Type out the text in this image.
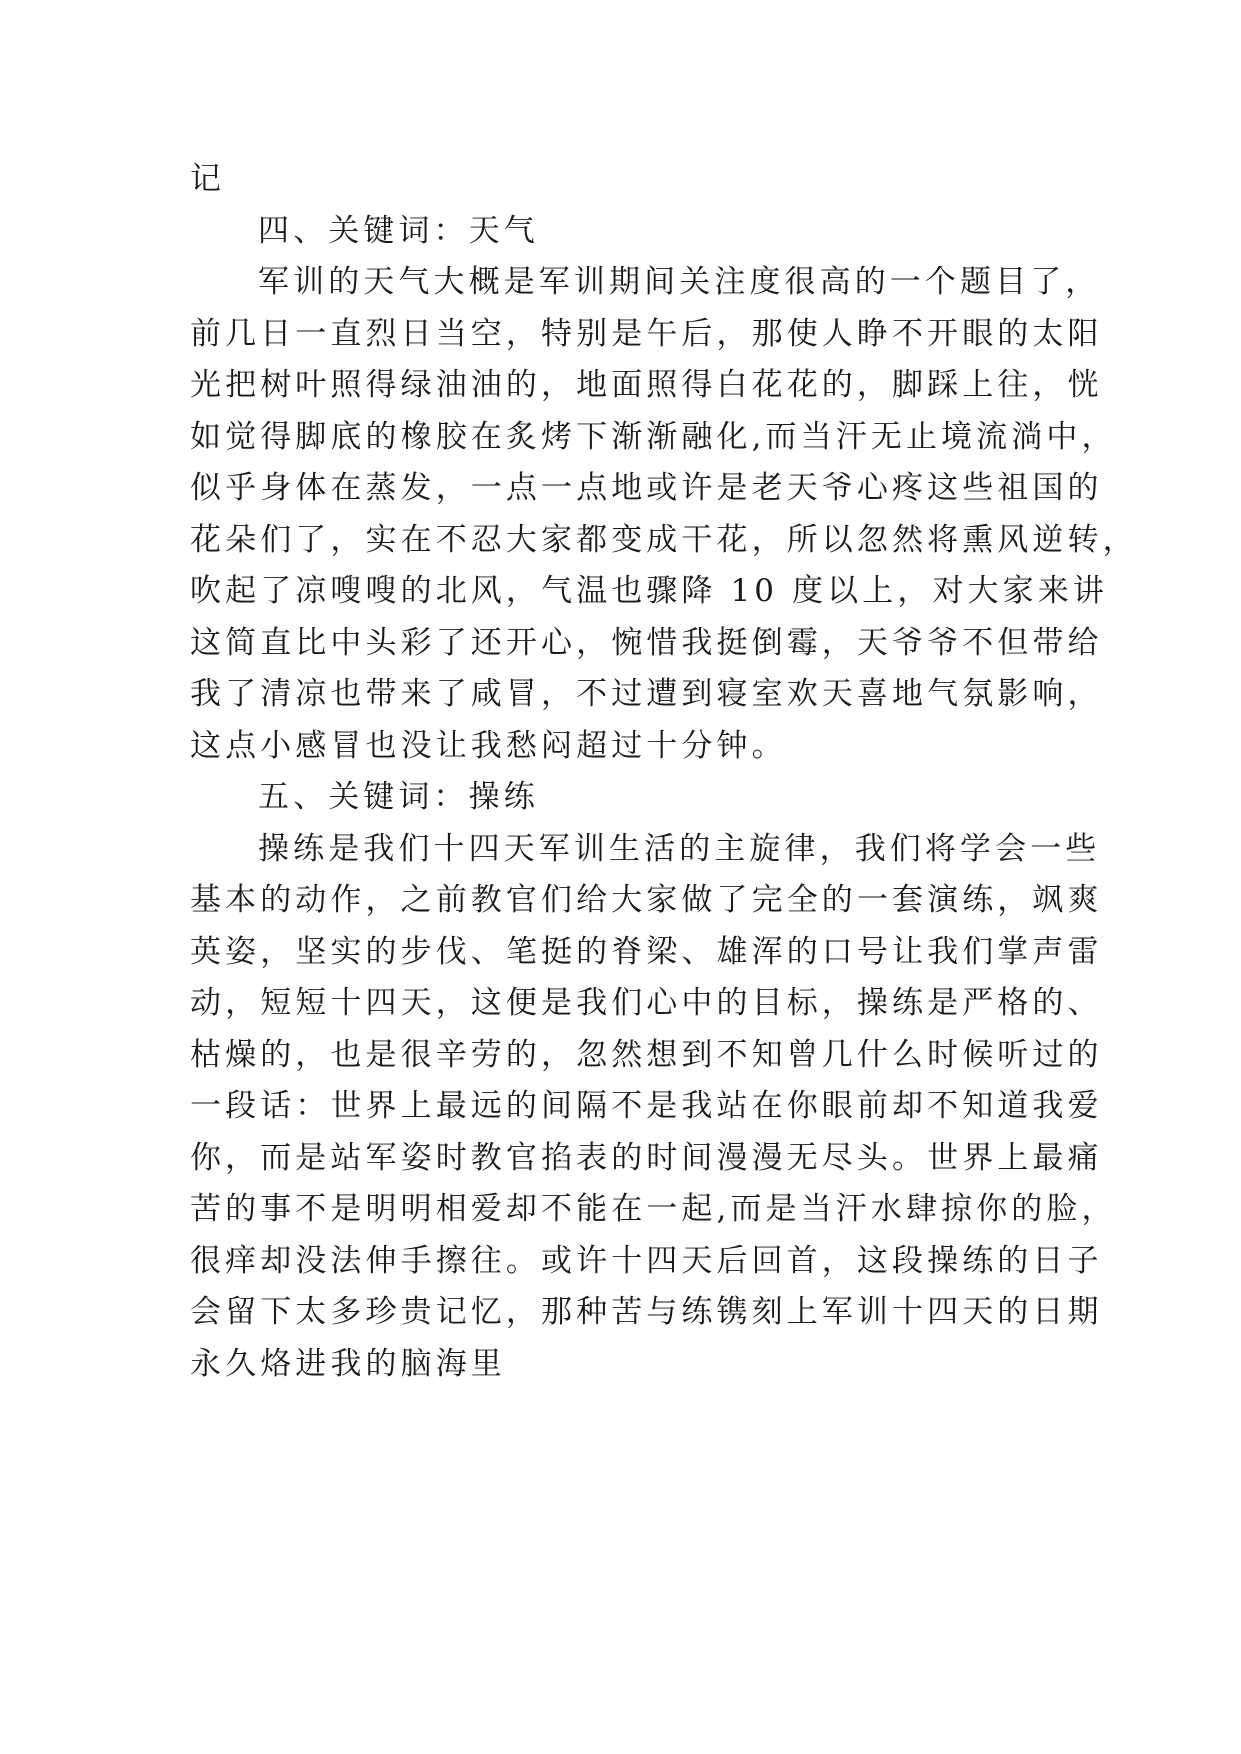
记
四、关键词：天气
军训的天气大概是军训期间关注度很高的一个题目了，
前几日一直烈日当空，特别是午后，那使人睁不开眼的太阳
光把树叶照得绿油油的，地面照得白花花的，脚踩上往，恍
如觉得脚底的橡胶在炙烤下渐渐融化,而当汗无止境流淌中，
似乎身体在蒸发，一点一点地或许是老天爷心疼这些祖国的
花朵们了，实在不忍大家都变成干花，所以忽然将熏风逆转，
吹起了凉嗖嗖的北风，气温也骤降 10 度以上，对大家来讲
这简直比中头彩了还开心，惋惜我挺倒霉，天爷爷不但带给
我了清凉也带来了咸冒，不过遭到寝室欢天喜地气氛影响，
这点小感冒也没让我愁闷超过十分钟。
五、关键词：操练
操练是我们十四天军训生活的主旋律，我们将学会一些
基本的动作，之前教官们给大家做了完全的一套演练，飒爽
英姿，坚实的步伐、笔挺的脊梁、雄浑的口号让我们掌声雷
动，短短十四天，这便是我们心中的目标，操练是严格的、
枯燥的，也是很辛劳的，忽然想到不知曾几什么时候听过的
一段话：世界上最远的间隔不是我站在你眼前却不知道我爱
你，而是站军姿时教官掐表的时间漫漫无尽头。世界上最痛
苦的事不是明明相爱却不能在一起,而是当汗水肆掠你的脸，
很痒却没法伸手擦往。或许十四天后回首，这段操练的日子
会留下太多珍贵记忆，那种苦与练镌刻上军训十四天的日期
永久烙进我的脑海里
